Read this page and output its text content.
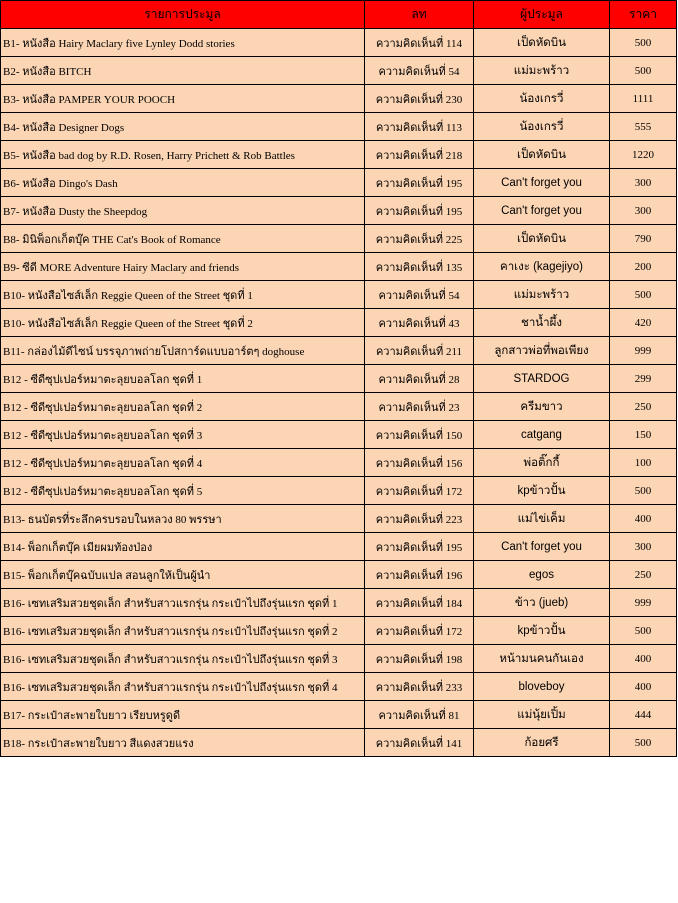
รายการประมูล	ลท	ผู้ประมูล	ราคา
B1- หนังสือ Hairy Maclary five Lynley Dodd stories	ความคิดเห็นที่ 114	เป็ดหัดบิน	500
B2- หนังสือ BITCH	ความคิดเห็นที่ 54	แม่มะพร้าว	500
B3- หนังสือ PAMPER YOUR POOCH	ความคิดเห็นที่ 230	น้องเกรวี่	1111
B4- หนังสือ Designer Dogs	ความคิดเห็นที่ 113	น้องเกรวี่	555
B5- หนังสือ bad dog by R.D. Rosen, Harry Prichett & Rob Battles	ความคิดเห็นที่ 218	เป็ดหัดบิน	1220
B6- หนังสือ Dingo's Dash	ความคิดเห็นที่ 195	Can't forget you	300
B7- หนังสือ Dusty the Sheepdog	ความคิดเห็นที่ 195	Can't forget you	300
B8- มินิพ็อกเก็ตบุ๊ค THE Cat's Book of Romance	ความคิดเห็นที่ 225	เป็ดหัดบิน	790
B9- ซีดี MORE Adventure Hairy Maclary and friends	ความคิดเห็นที่ 135	คาเงะ (kagejiyo)	200
B10- หนังสือไซส์เล็ก Reggie Queen of the Street ชุดที่ 1	ความคิดเห็นที่ 54	แม่มะพร้าว	500
B10- หนังสือไซส์เล็ก Reggie Queen of the Street ชุดที่ 2	ความคิดเห็นที่ 43	ชาน้ำผึ้ง	420
B11- กล่องไม้ดีไซน์ บรรจุภาพถ่ายโปสการ์ดแบบอาร์ตๆ doghouse	ความคิดเห็นที่ 211	ลูกสาวพ่อที่พอเพียง	999
B12 - ซีดีซุปเปอร์หมาตะลุยบอลโลก ชุดที่ 1	ความคิดเห็นที่ 28	STARDOG	299
B12 - ซีดีซุปเปอร์หมาตะลุยบอลโลก ชุดที่ 2	ความคิดเห็นที่ 23	ครีมขาว	250
B12 - ซีดีซุปเปอร์หมาตะลุยบอลโลก ชุดที่ 3	ความคิดเห็นที่ 150	catgang	150
B12 - ซีดีซุปเปอร์หมาตะลุยบอลโลก ชุดที่ 4	ความคิดเห็นที่ 156	พ่อติ๊กกี้	100
B12 - ซีดีซุปเปอร์หมาตะลุยบอลโลก ชุดที่ 5	ความคิดเห็นที่ 172	kpข้าวปั้น	500
B13- ธนบัตรที่ระลึกครบรอบในหลวง 80 พรรษา	ความคิดเห็นที่ 223	แม่ไข่เค็ม	400
B14- พ็อกเก็ตบุ๊ค เมียผมท้องป่อง	ความคิดเห็นที่ 195	Can't forget you	300
B15- พ็อกเก็ตบุ๊คฉบับแปล สอนลูกให้เป็นผู้นำ	ความคิดเห็นที่ 196	egos	250
B16- เซทเสริมสวยชุดเล็ก สำหรับสาวแรกรุ่น กระเป๋าไปถึงรุ่นแรก ชุดที่ 1	ความคิดเห็นที่ 184	ข้าว (jueb)	999
B16- เซทเสริมสวยชุดเล็ก สำหรับสาวแรกรุ่น กระเป๋าไปถึงรุ่นแรก ชุดที่ 2	ความคิดเห็นที่ 172	kpข้าวปั้น	500
B16- เซทเสริมสวยชุดเล็ก สำหรับสาวแรกรุ่น กระเป๋าไปถึงรุ่นแรก ชุดที่ 3	ความคิดเห็นที่ 198	หน้ามนคนกันเอง	400
B16- เซทเสริมสวยชุดเล็ก สำหรับสาวแรกรุ่น กระเป๋าไปถึงรุ่นแรก ชุดที่ 4	ความคิดเห็นที่ 233	bloveboy	400
B17- กระเป๋าสะพายใบยาว เรียบหรูดูดี	ความคิดเห็นที่ 81	แม่นุ้ยเปิ้ม	444
B18- กระเป๋าสะพายใบยาว สีแดงสวยแรง	ความคิดเห็นที่ 141	ก้อยศรี	500
